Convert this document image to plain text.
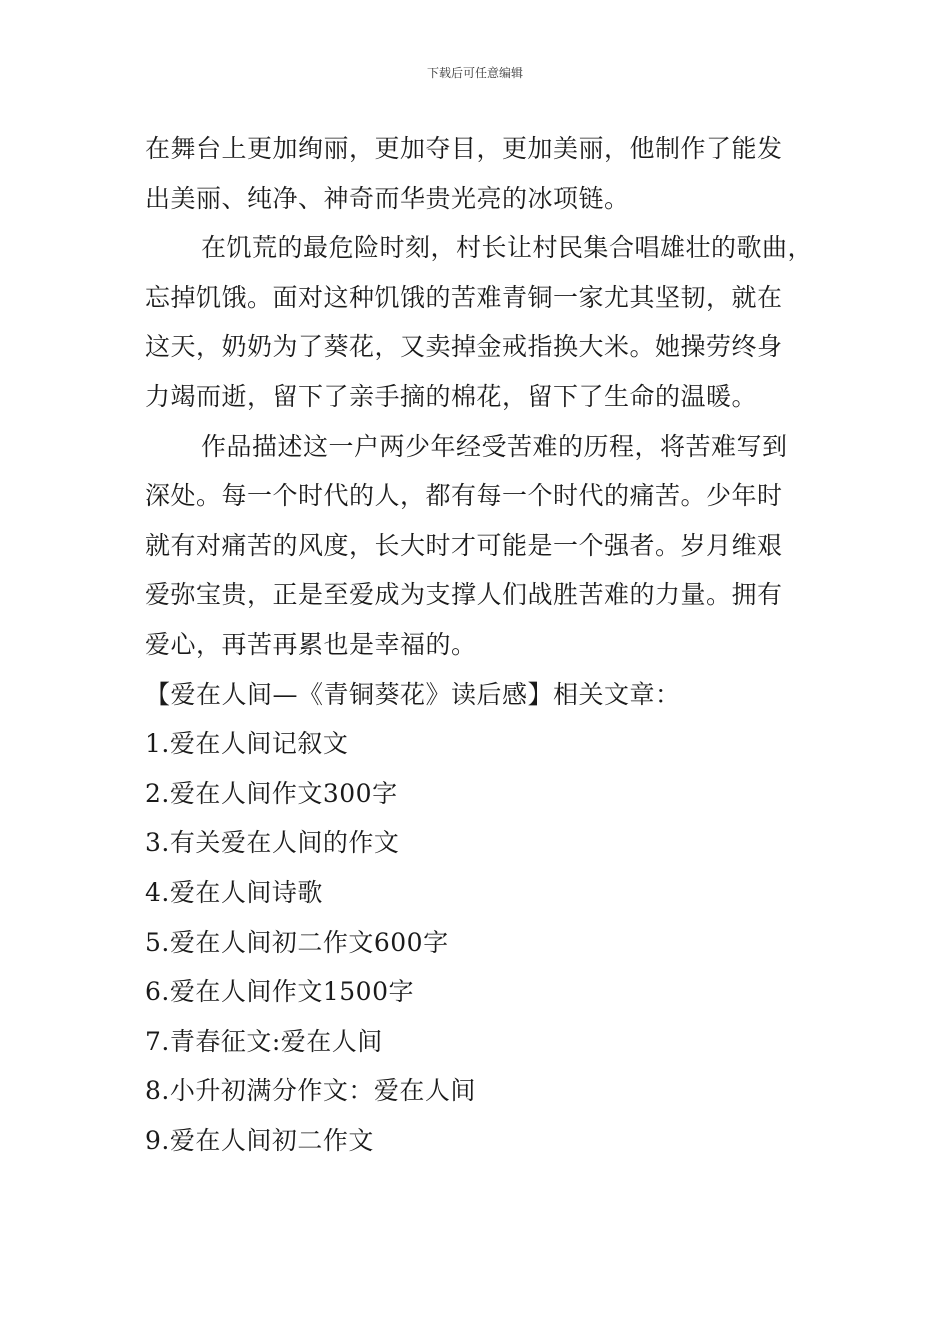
下载后可任意编辑

在舞台上更加绚丽，更加夺目，更加美丽，他制作了能发

出美丽、纯净、神奇而华贵光亮的冰项链。

在饥荒的最危险时刻，村长让村民集合唱雄壮的歌曲，

忘掉饥饿。面对这种饥饿的苦难青铜一家尤其坚韧，就在

这天，奶奶为了葵花，又卖掉金戒指换大米。她操劳终身

力竭而逝，留下了亲手摘的棉花，留下了生命的温暖。

作品描述这一户两少年经受苦难的历程，将苦难写到

深处。每一个时代的人，都有每一个时代的痛苦。少年时

就有对痛苦的风度，长大时才可能是一个强者。岁月维艰

爱弥宝贵，正是至爱成为支撑人们战胜苦难的力量。拥有

爱心，再苦再累也是幸福的。

【爱在人间—《青铜葵花》读后感】相关文章：

1.爱在人间记叙文

2.爱在人间作文300字

3.有关爱在人间的作文

4.爱在人间诗歌

5.爱在人间初二作文600字

6.爱在人间作文1500字

7.青春征文:爱在人间

8.小升初满分作文：爱在人间

9.爱在人间初二作文
